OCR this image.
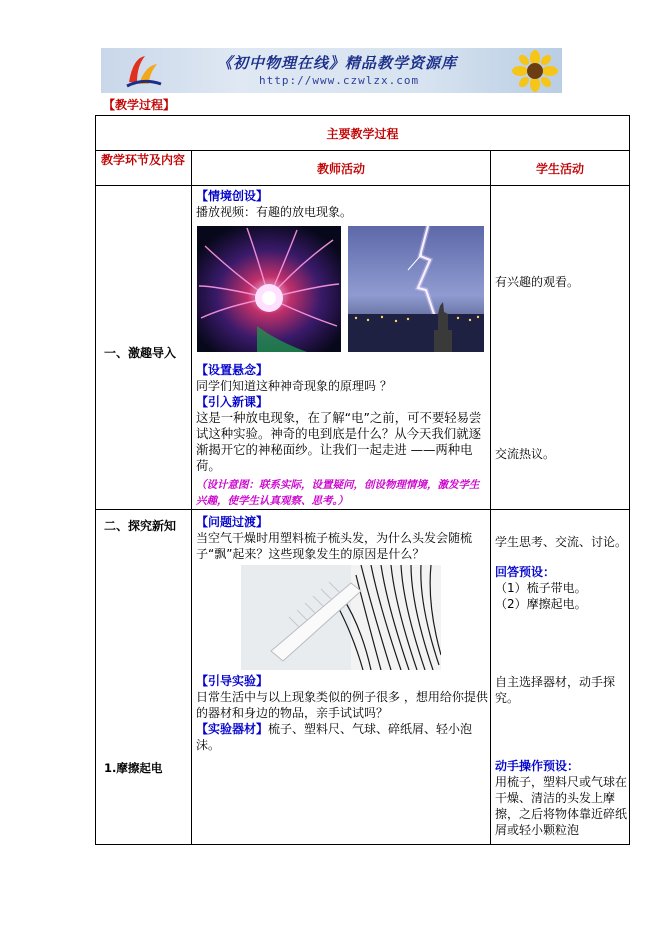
《初中物理在线》精品教学资源库
http://www.czwlzx.com
【教学过程】
主要教学过程
教学环节及内容
教师活动	学生活动
一、激趣导入
【情境创设】
播放视频：有趣的放电现象。
【设置悬念】
同学们知道这种神奇现象的原理吗 ？
【引入新课】
这是一种放电现象，在了解“电”之前，可不要轻易尝试这种实验。神奇的电到底是什么？从今天我们就逐渐揭开它的神秘面纱。让我们一起走进 ——两种电荷。
（设计意图：联系实际，设置疑问，创设物理情境，激发学生兴趣，使学生认真观察、思考。）
有兴趣的观看。
交流热议。
二、探究新知
1.摩擦起电
【问题过渡】
当空气干燥时用塑料梳子梳头发，为什么头发会随梳子“飘”起来？这些现象发生的原因是什么？
【引导实验】
日常生活中与以上现象类似的例子很多 ，想用给你提供的器材和身边的物品，亲手试试吗？
【实验器材】梳子、塑料尺、气球、碎纸屑、轻小泡沫。
学生思考、交流、讨论。
回答预设：
（1）梳子带电。
（2）摩擦起电。
自主选择器材，动手探究。
动手操作预设：
用梳子，塑料尺或气球在干燥、清洁的头发上摩擦，之后将物体靠近碎纸屑或轻小颗粒泡
